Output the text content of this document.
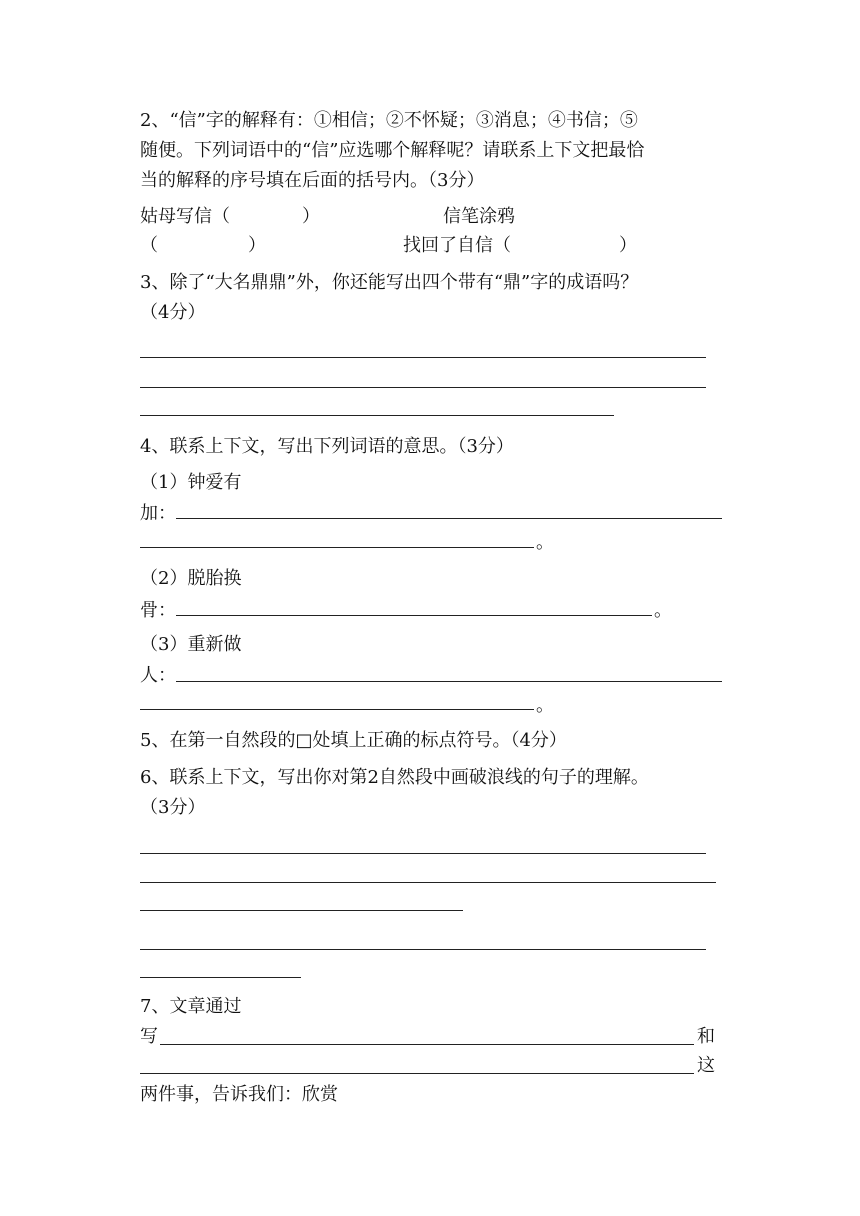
2、“信”字的解释有：①相信；②不怀疑；③消息；④书信；⑤
随便。下列词语中的“信”应选哪个解释呢？请联系上下文把最恰
当的解释的序号填在后面的括号内。（3分）
姑母写信（　　　　）	信笔涂鸦
（　　　　　）	找回了自信（　　　　　　）
3、除了“大名鼎鼎”外，你还能写出四个带有“鼎”字的成语吗？
（4分）
4、联系上下文，写出下列词语的意思。（3分）
（1）钟爱有
加：
。
（2）脱胎换
骨：	。
（3）重新做
人：
。
5、在第一自然段的□处填上正确的标点符号。（4分）
6、联系上下文，写出你对第2自然段中画破浪线的句子的理解。
（3分）
7、文章通过
写	和
这
两件事，告诉我们：欣赏
